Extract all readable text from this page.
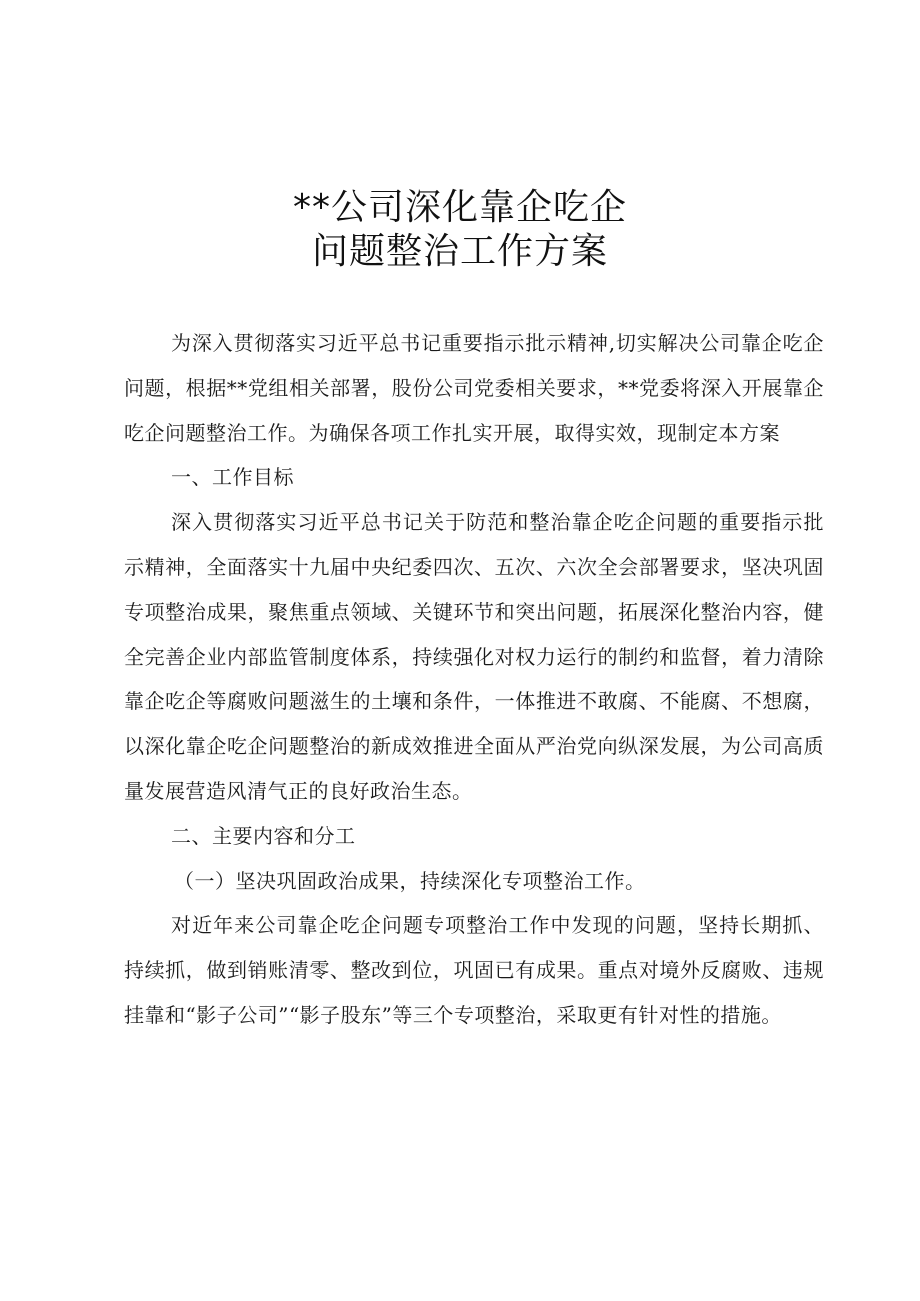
**公司深化靠企吃企
问题整治工作方案

为深入贯彻落实习近平总书记重要指示批示精神,切实解决公司靠企吃企问题，根据**党组相关部署，股份公司党委相关要求，**党委将深入开展靠企吃企问题整治工作。为确保各项工作扎实开展，取得实效，现制定本方案

一、工作目标

深入贯彻落实习近平总书记关于防范和整治靠企吃企问题的重要指示批示精神，全面落实十九届中央纪委四次、五次、六次全会部署要求，坚决巩固专项整治成果，聚焦重点领域、关键环节和突出问题，拓展深化整治内容，健全完善企业内部监管制度体系，持续强化对权力运行的制约和监督，着力清除靠企吃企等腐败问题滋生的土壤和条件，一体推进不敢腐、不能腐、不想腐，以深化靠企吃企问题整治的新成效推进全面从严治党向纵深发展，为公司高质量发展营造风清气正的良好政治生态。

二、主要内容和分工

（一）坚决巩固政治成果，持续深化专项整治工作。

对近年来公司靠企吃企问题专项整治工作中发现的问题，坚持长期抓、持续抓，做到销账清零、整改到位，巩固已有成果。重点对境外反腐败、违规挂靠和“影子公司”“影子股东”等三个专项整治，采取更有针对性的措施。
